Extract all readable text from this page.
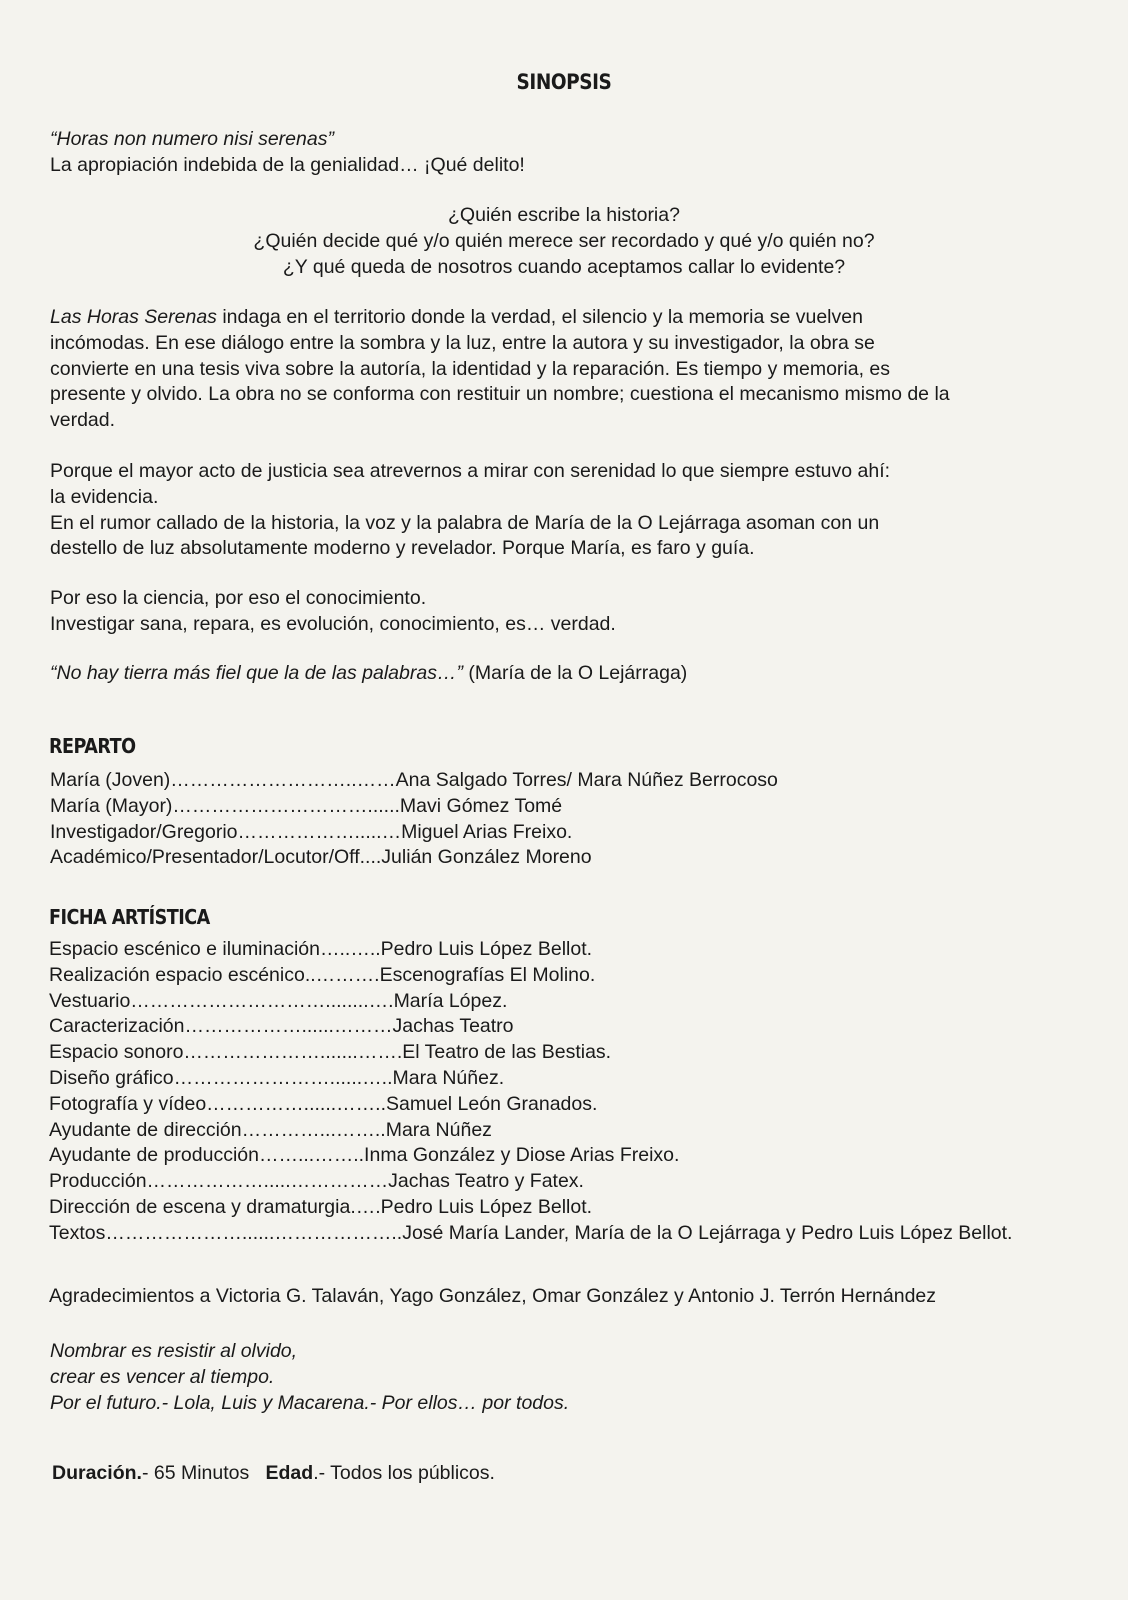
SINOPSIS
“Horas non numero nisi serenas”
La apropiación indebida de la genialidad… ¡Qué delito!
¿Quién escribe la historia?
¿Quién decide qué y/o quién merece ser recordado y qué y/o quién no?
¿Y qué queda de nosotros cuando aceptamos callar lo evidente?
Las Horas Serenas indaga en el territorio donde la verdad, el silencio y la memoria se vuelven
incómodas. En ese diálogo entre la sombra y la luz, entre la autora y su investigador, la obra se
convierte en una tesis viva sobre la autoría, la identidad y la reparación. Es tiempo y memoria, es
presente y olvido. La obra no se conforma con restituir un nombre; cuestiona el mecanismo mismo de la
verdad.
Porque el mayor acto de justicia sea atrevernos a mirar con serenidad lo que siempre estuvo ahí:
la evidencia.
En el rumor callado de la historia, la voz y la palabra de María de la O Lejárraga asoman con un
destello de luz absolutamente moderno y revelador. Porque María, es faro y guía.
Por eso la ciencia, por eso el conocimiento.
Investigar sana, repara, es evolución, conocimiento, es… verdad.
“No hay tierra más fiel que la de las palabras…” (María de la O Lejárraga)
REPARTO
María (Joven)………………………..……Ana Salgado Torres/ Mara Núñez Berrocoso
María (Mayor)…………………………......Mavi Gómez Tomé
Investigador/Gregorio……………….....…Miguel Arias Freixo.
Académico/Presentador/Locutor/Off....Julián González Moreno
FICHA ARTÍSTICA
Espacio escénico e iluminación…..…..Pedro Luis López Bellot.
Realización espacio escénico..……….Escenografías El Molino.
Vestuario…………………………........….María López.
Caracterización………………......………Jachas Teatro
Espacio sonoro………………….......…….El Teatro de las Bestias.
Diseño gráfico……………………......…..Mara Núñez.
Fotografía y vídeo……………......……..Samuel León Granados.
Ayudante de dirección…………...……..Mara Núñez
Ayudante de producción……...……..Inma González y Diose Arias Freixo.
Producción……………….....……………Jachas Teatro y Fatex.
Dirección de escena y dramaturgia.….Pedro Luis López Bellot.
Textos…………………......………………..José María Lander, María de la O Lejárraga y Pedro Luis López Bellot.
Agradecimientos a Victoria G. Talaván, Yago González, Omar González y Antonio J. Terrón Hernández
Nombrar es resistir al olvido,
crear es vencer al tiempo.
Por el futuro.- Lola, Luis y Macarena.- Por ellos… por todos.
Duración.- 65 Minutos Edad.- Todos los públicos.
